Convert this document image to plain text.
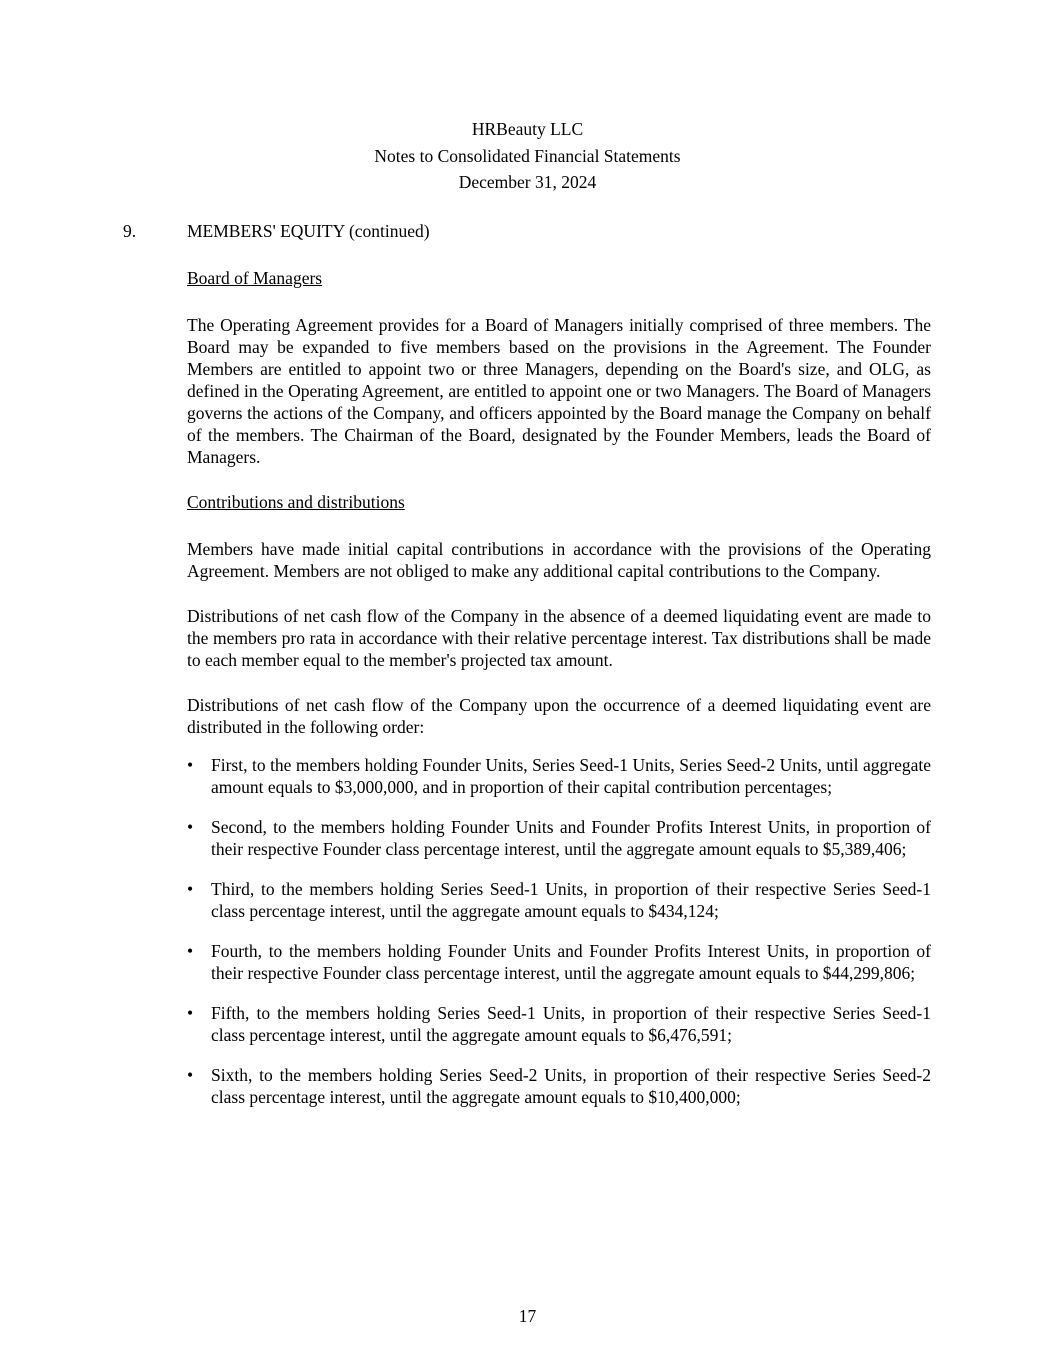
HRBeauty LLC
Notes to Consolidated Financial Statements
December 31, 2024
9.	MEMBERS' EQUITY (continued)
Board of Managers

The Operating Agreement provides for a Board of Managers initially comprised of three members. The Board may be expanded to five members based on the provisions in the Agreement. The Founder Members are entitled to appoint two or three Managers, depending on the Board's size, and OLG, as defined in the Operating Agreement, are entitled to appoint one or two Managers. The Board of Managers governs the actions of the Company, and officers appointed by the Board manage the Company on behalf of the members. The Chairman of the Board, designated by the Founder Members, leads the Board of Managers.

Contributions and distributions

Members have made initial capital contributions in accordance with the provisions of the Operating Agreement. Members are not obliged to make any additional capital contributions to the Company.

Distributions of net cash flow of the Company in the absence of a deemed liquidating event are made to the members pro rata in accordance with their relative percentage interest. Tax distributions shall be made to each member equal to the member's projected tax amount.

Distributions of net cash flow of the Company upon the occurrence of a deemed liquidating event are distributed in the following order:

•	First, to the members holding Founder Units, Series Seed-1 Units, Series Seed-2 Units, until aggregate amount equals to $3,000,000, and in proportion of their capital contribution percentages;
•	Second, to the members holding Founder Units and Founder Profits Interest Units, in proportion of their respective Founder class percentage interest, until the aggregate amount equals to $5,389,406;
•	Third, to the members holding Series Seed-1 Units, in proportion of their respective Series Seed-1 class percentage interest, until the aggregate amount equals to $434,124;
•	Fourth, to the members holding Founder Units and Founder Profits Interest Units, in proportion of their respective Founder class percentage interest, until the aggregate amount equals to $44,299,806;
•	Fifth, to the members holding Series Seed-1 Units, in proportion of their respective Series Seed-1 class percentage interest, until the aggregate amount equals to $6,476,591;
•	Sixth, to the members holding Series Seed-2 Units, in proportion of their respective Series Seed-2 class percentage interest, until the aggregate amount equals to $10,400,000;
17
